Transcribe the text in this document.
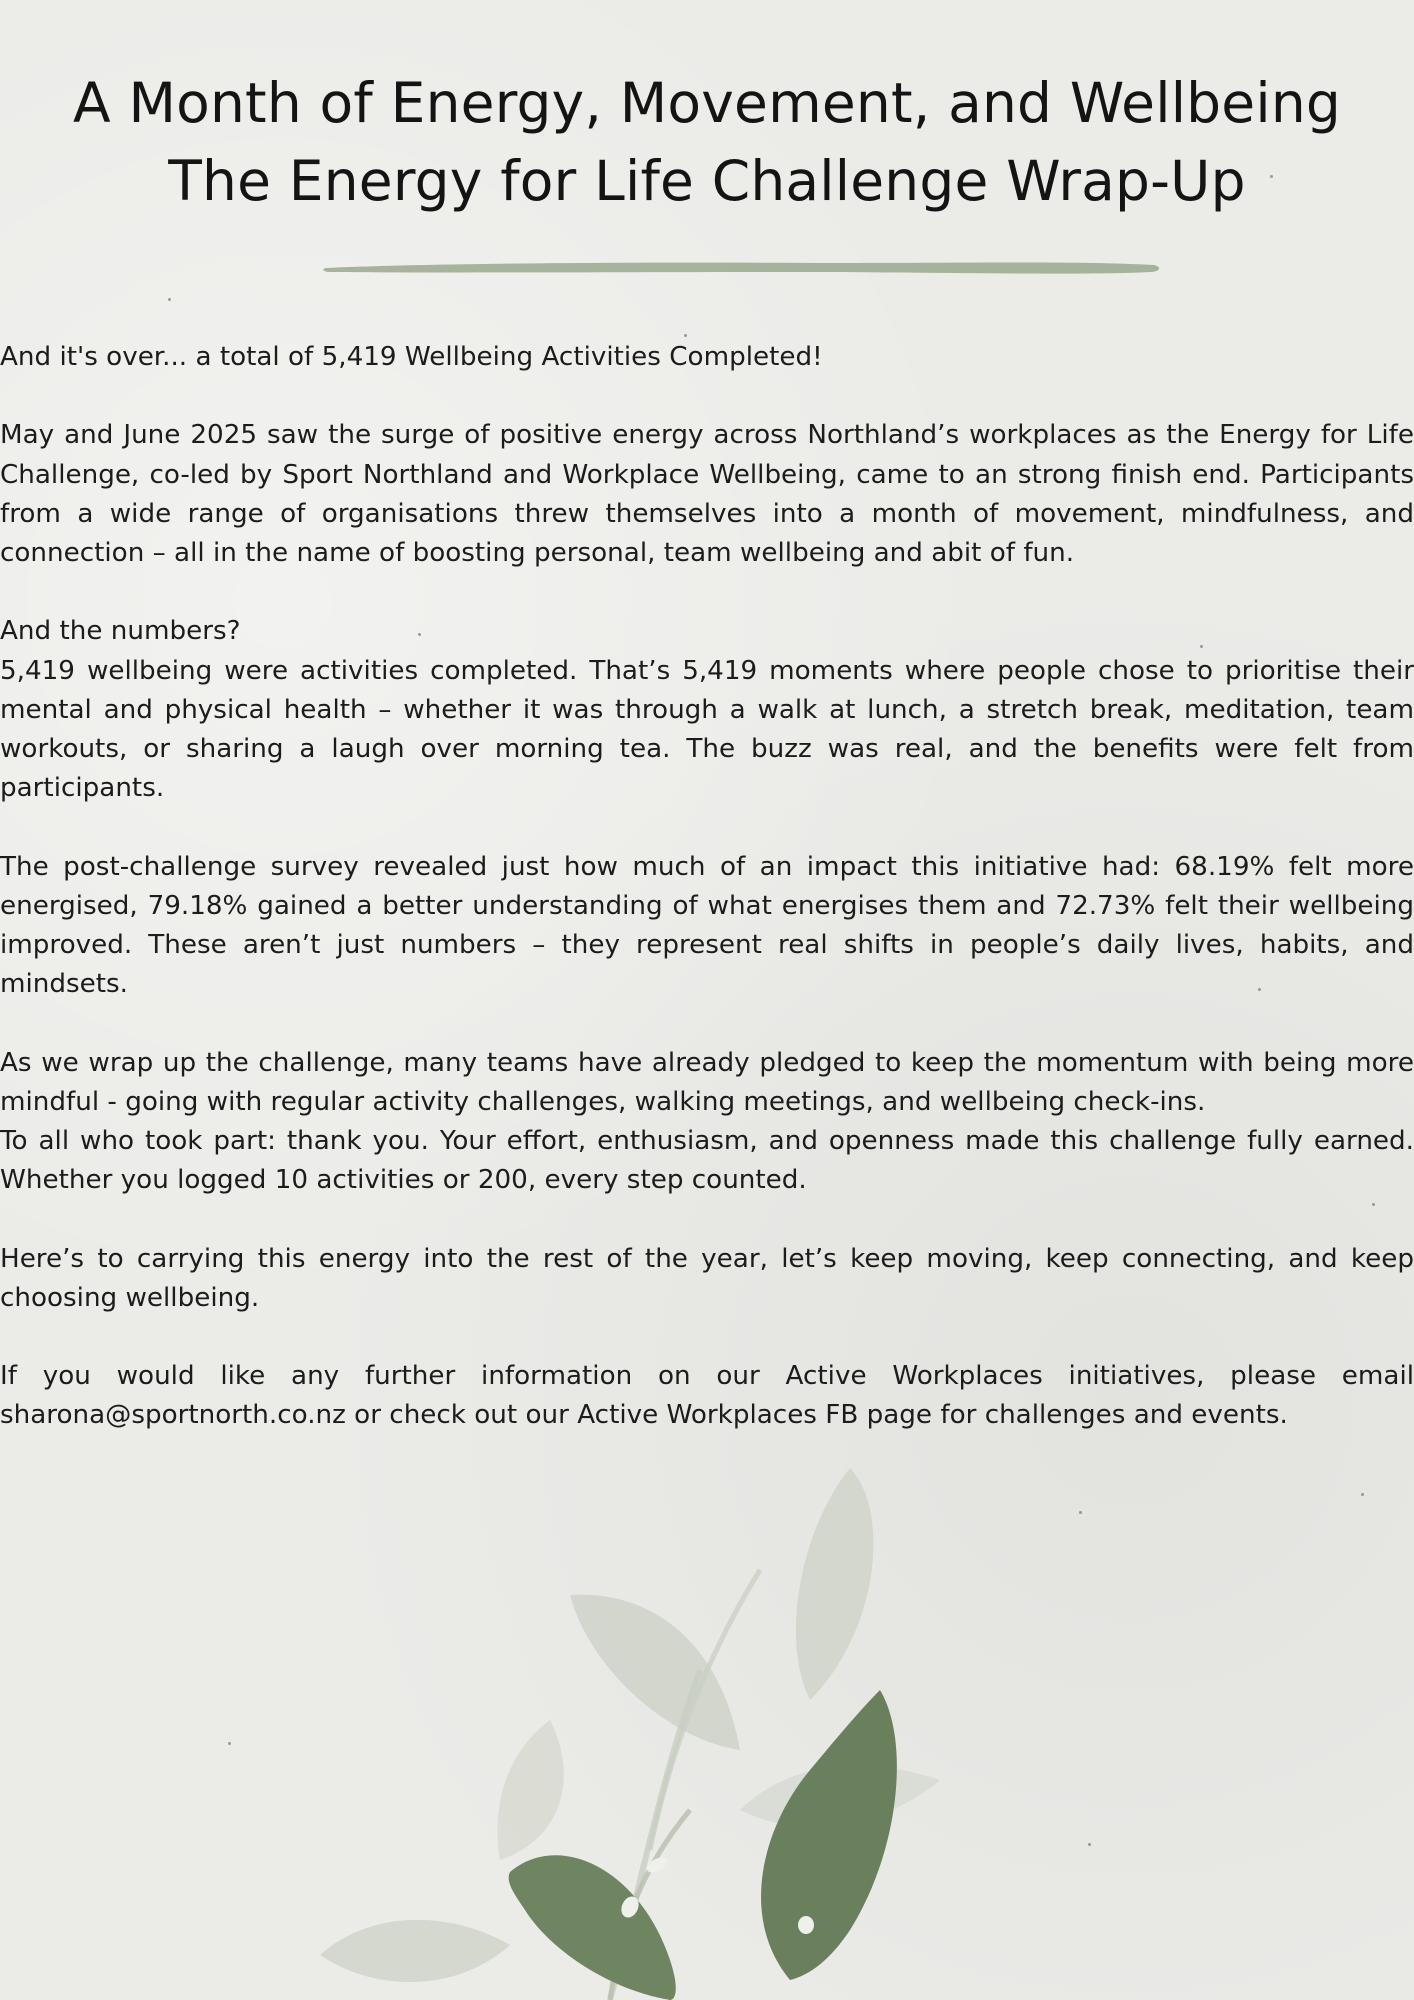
A Month of Energy, Movement, and Wellbeing
The Energy for Life Challenge Wrap-Up

And it's over... a total of 5,419 Wellbeing Activities Completed!

May and June 2025 saw the surge of positive energy across Northland’s workplaces as the Energy for Life Challenge, co-led by Sport Northland and Workplace Wellbeing, came to an strong finish end. Participants from a wide range of organisations threw themselves into a month of movement, mindfulness, and connection – all in the name of boosting personal, team wellbeing and abit of fun.

And the numbers?

5,419 wellbeing were activities completed. That’s 5,419 moments where people chose to prioritise their mental and physical health – whether it was through a walk at lunch, a stretch break, meditation, team workouts, or sharing a laugh over morning tea. The buzz was real, and the benefits were felt from participants.

The post-challenge survey revealed just how much of an impact this initiative had: 68.19% felt more energised, 79.18% gained a better understanding of what energises them and 72.73% felt their wellbeing improved. These aren’t just numbers – they represent real shifts in people’s daily lives, habits, and mindsets.

As we wrap up the challenge, many teams have already pledged to keep the momentum with being more mindful - going with regular activity challenges, walking meetings, and wellbeing check-ins.

To all who took part: thank you. Your effort, enthusiasm, and openness made this challenge fully earned. Whether you logged 10 activities or 200, every step counted.

Here’s to carrying this energy into the rest of the year, let’s keep moving, keep connecting, and keep choosing wellbeing.

If you would like any further information on our Active Workplaces initiatives, please email sharona@sportnorth.co.nz or check out our Active Workplaces FB page for challenges and events.
